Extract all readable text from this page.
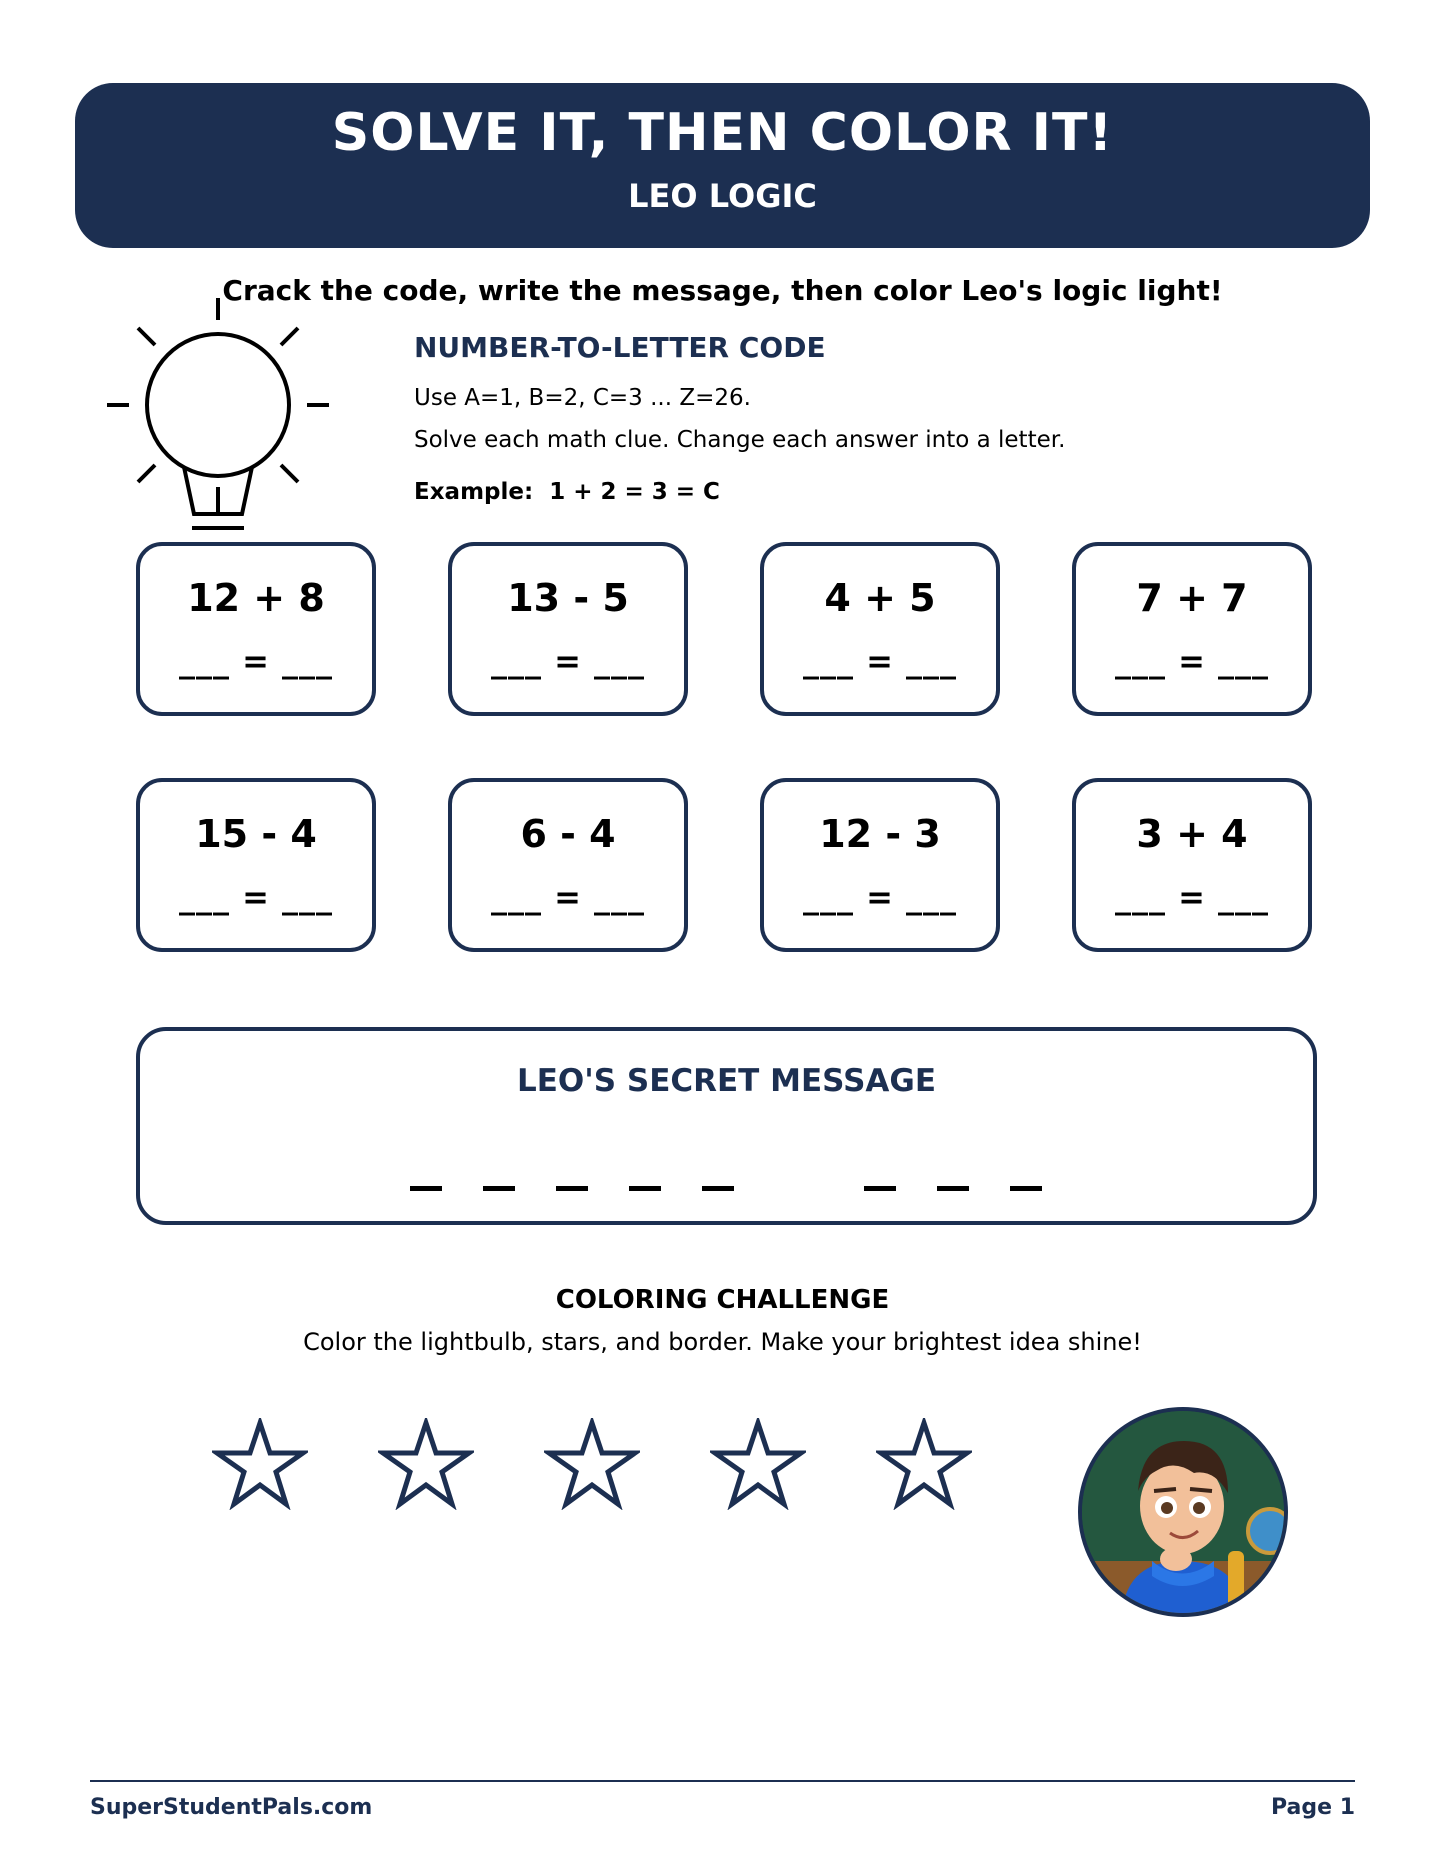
SOLVE IT, THEN COLOR IT!
LEO LOGIC
Crack the code, write the message, then color Leo's logic light!
NUMBER-TO-LETTER CODE
Use A=1, B=2, C=3 ... Z=26.
Solve each math clue. Change each answer into a letter.
Example:  1 + 2 = 3 = C
12 + 8
___ = ___
13 - 5
___ = ___
4 + 5
___ = ___
7 + 7
___ = ___
15 - 4
___ = ___
6 - 4
___ = ___
12 - 3
___ = ___
3 + 4
___ = ___
LEO'S SECRET MESSAGE
COLORING CHALLENGE
Color the lightbulb, stars, and border. Make your brightest idea shine!
SuperStudentPals.com	Page 1
